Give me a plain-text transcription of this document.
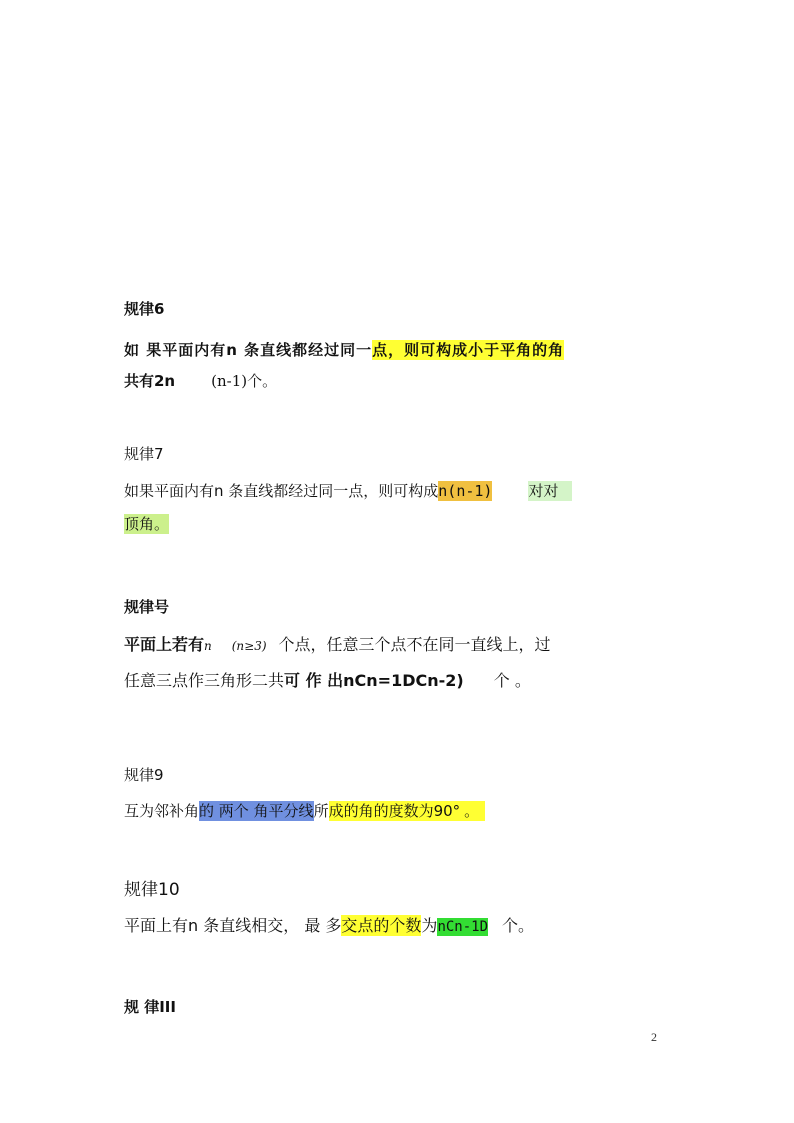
规律6
如 果平面内有n 条直线都经过同一点，则可构成小于平角的角
共有2n (n-1)个。
规律7
如果平面内有n 条直线都经过同一点，则可构成n(n-1) 对对
顶角。
规律号
平面上若有n (n≥3) 个点，任意三个点不在同一直线上，过
任意三点作三角形二共可 作 出nCn=1DCn-2) 个 。
规律9
互为邻补角的 两个 角平分线所成的角的度数为90° 。
规律10
平面上有n 条直线相交， 最 多交点的个数为nCn-1D 个。
规 律III
2
